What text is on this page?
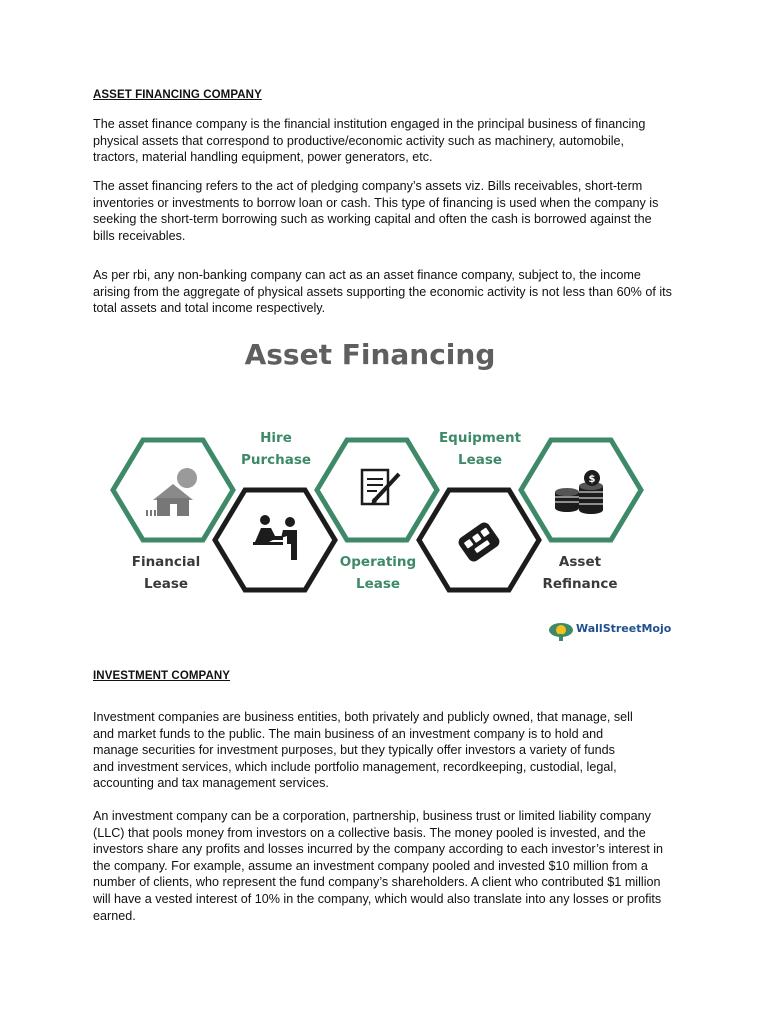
ASSET FINANCING COMPANY
The asset finance company is the financial institution engaged in the principal business of financing physical assets that correspond to productive/economic activity such as machinery, automobile, tractors, material handling equipment, power generators, etc.
The asset financing refers to the act of pledging company’s assets viz. Bills receivables, short-term inventories or investments to borrow loan or cash. This type of financing is used when the company is seeking the short-term borrowing such as working capital and often the cash is borrowed against the bills receivables.
As per rbi, any non-banking company can act as an asset finance company, subject to, the income arising from the aggregate of physical assets supporting the economic activity is not less than 60% of its total assets and total income respectively.
Asset Financing
$
Hire
Purchase
Equipment
Lease
Financial
Lease
Operating
Lease
Asset
Refinance
WallStreetMojo
INVESTMENT COMPANY
Investment companies are business entities, both privately and publicly owned, that manage, sell and market funds to the public. The main business of an investment company is to hold and manage securities for investment purposes, but they typically offer investors a variety of funds and investment services, which include portfolio management, recordkeeping, custodial, legal, accounting and tax management services.
An investment company can be a corporation, partnership, business trust or limited liability company (LLC) that pools money from investors on a collective basis. The money pooled is invested, and the investors share any profits and losses incurred by the company according to each investor’s interest in the company. For example, assume an investment company pooled and invested $10 million from a number of clients, who represent the fund company’s shareholders. A client who contributed $1 million will have a vested interest of 10% in the company, which would also translate into any losses or profits earned.
